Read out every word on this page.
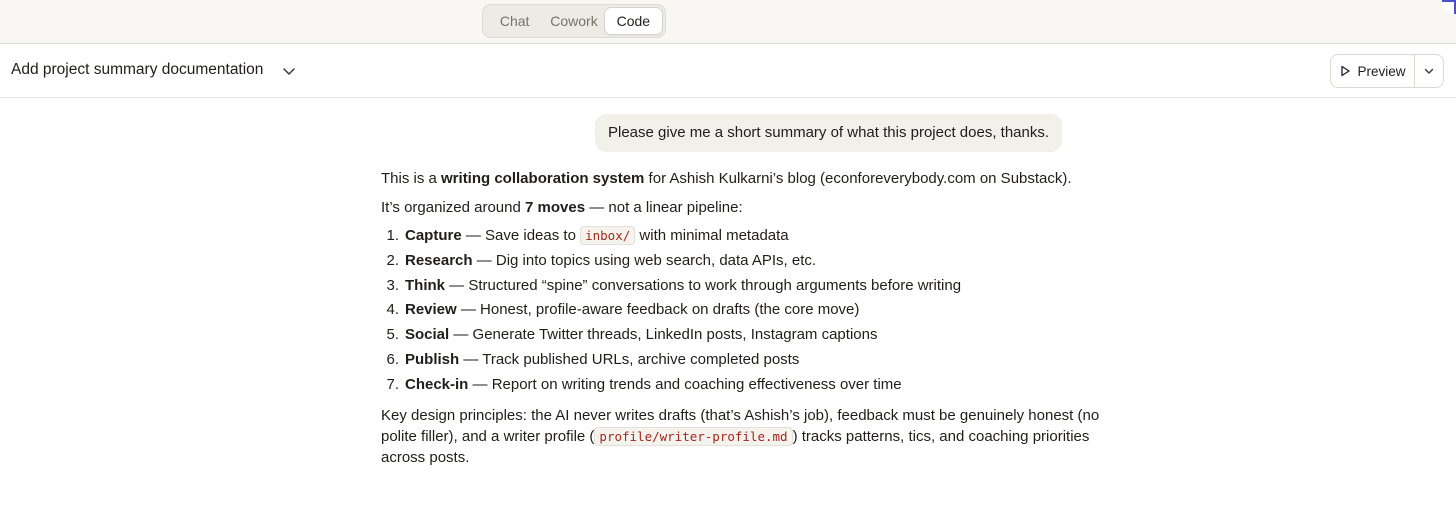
Chat	Cowork	Code
Add project summary documentation	Preview
Please give me a short summary of what this project does, thanks.

This is a writing collaboration system for Ashish Kulkarni’s blog (econforeverybody.com on Substack).

It’s organized around 7 moves — not a linear pipeline:

1. Capture — Save ideas to inbox/ with minimal metadata
2. Research — Dig into topics using web search, data APIs, etc.
3. Think — Structured “spine” conversations to work through arguments before writing
4. Review — Honest, profile-aware feedback on drafts (the core move)
5. Social — Generate Twitter threads, LinkedIn posts, Instagram captions
6. Publish — Track published URLs, archive completed posts
7. Check-in — Report on writing trends and coaching effectiveness over time

Key design principles: the AI never writes drafts (that’s Ashish’s job), feedback must be genuinely honest (no polite filler), and a writer profile ( profile/writer-profile.md ) tracks patterns, tics, and coaching priorities across posts.
